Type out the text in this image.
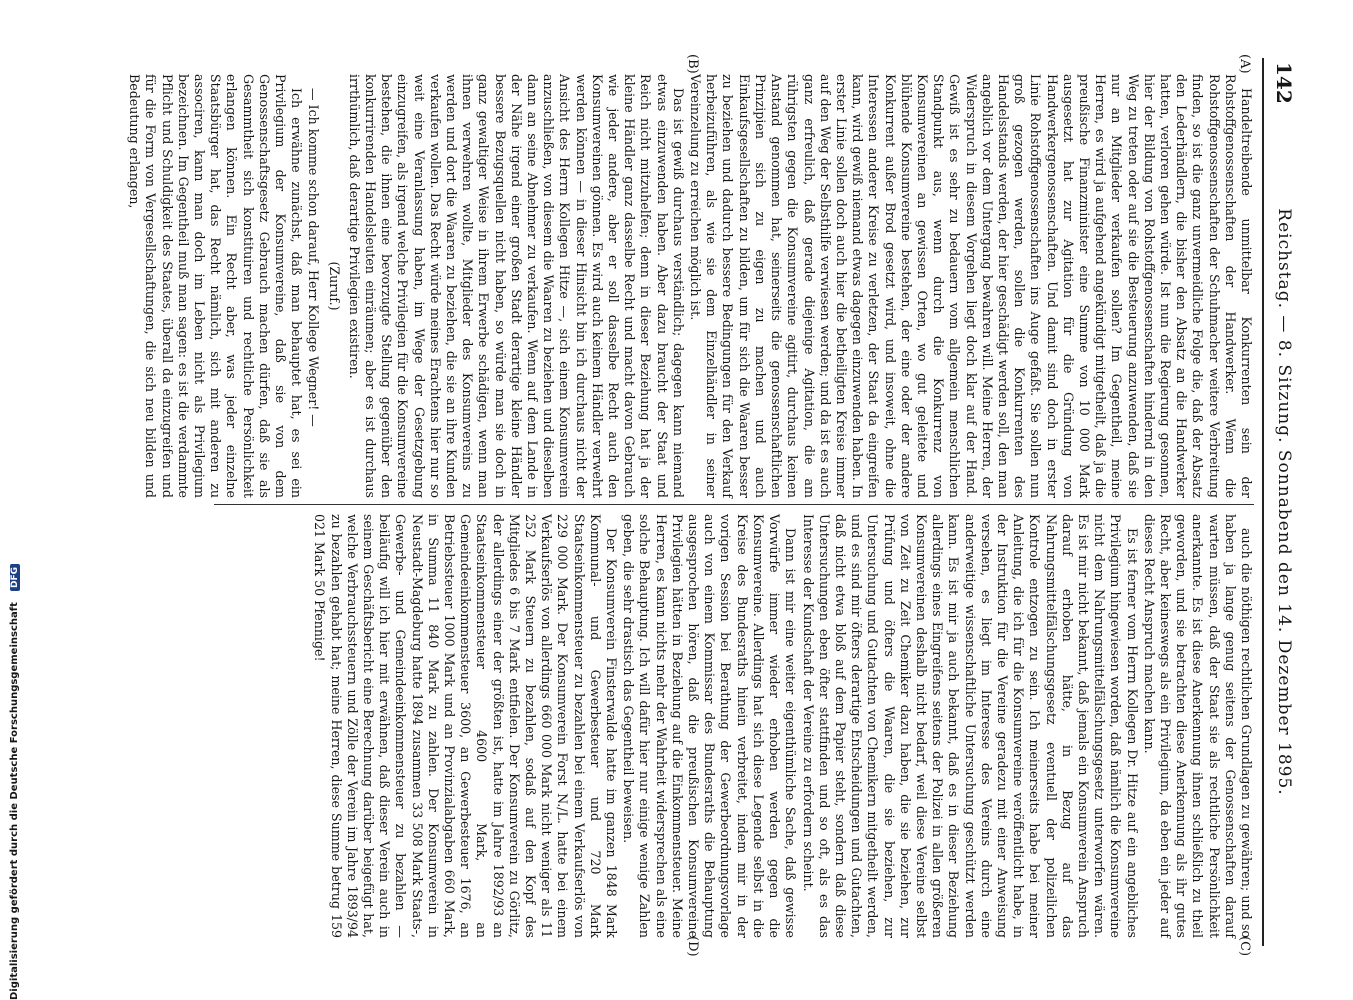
142
Reichstag. — 8. Sitzung. Sonnabend den 14. Dezember 1895.
(A)
(B)
(C)
(D)

Handeltreibende unmittelbar Konkurrenten sein der Rohstoffgenossenschaften der Handwerker. Wenn die Rohstoffgenossenschaften der Schuhmacher weitere Verbreitung finden, so ist die ganz unvermeidliche Folge die, daß der Absatz den Lederhändlern, die bisher den Absatz an die Handwerker hatten, verloren gehen würde. Ist nun die Regierung gesonnen, hier der Bildung von Rohstoffgenossenschaften hindernd in den Weg zu treten oder auf sie die Besteuerung anzuwenden, daß sie nur an Mitglieder verkaufen sollen? Im Gegentheil, meine Herren, es wird ja aufgehend angekündigt mitgetheilt, daß ja die preußische Finanzminister eine Summe von 10 000 Mark ausgesetzt hat zur Agitation für die Gründung von Handwerkergenossenschaften. Und damit sind doch in erster Linie Rohstoffgenossenschaften ins Auge gefaßt. Sie sollen nun groß gezogen werden, sollen die Konkurrenten des Handelsstands werden, der hier geschädigt werden soll, den man angeblich vor dem Untergang bewahren will. Meine Herren, der Widerspruch in diesem Vorgehen liegt doch klar auf der Hand. Gewiß ist es sehr zu bedauern vom allgemein menschlichen Standpunkt aus, wenn durch die Konkurrenz von Konsumvereinen an gewissen Orten, wo gut geleitete und blühende Konsumvereine bestehen, der eine oder der andere Konkurrent außer Brod gesetzt wird, und insoweit, ohne die Interessen anderer Kreise zu verletzen, der Staat da eingreifen kann, wird gewiß niemand etwas dagegen einzuwenden haben. In erster Linie sollen doch auch hier die betheiligten Kreise immer auf den Weg der Selbsthilfe verwiesen werden; und da ist es auch ganz erfreulich, daß gerade diejenige Agitation, die am rührigsten gegen die Konsumvereine agitirt, durchaus keinen Anstand genommen hat, seinerseits die genossenschaftlichen Prinzipien sich zu eigen zu machen und auch Einkaufsgesellschaften zu bilden, um für sich die Waaren besser zu beziehen und dadurch bessere Bedingungen für den Verkauf herbeizuführen, als wie sie dem Einzelhändler in seiner Vereinzelung zu erreichen möglich ist.

Das ist gewiß durchaus verständlich; dagegen kann niemand etwas einzuwenden haben. Aber dazu braucht der Staat und Reich nicht mitzuhelfen; denn in dieser Beziehung hat ja der kleine Händler ganz dasselbe Recht und macht davon Gebrauch wie jeder andere, aber er soll dasselbe Recht auch den Konsumvereinen gönnen. Es wird auch keinem Händler verwehrt werden können — in dieser Hinsicht bin ich durchaus nicht der Ansicht des Herrn Kollegen Hitze —, sich einem Konsumverein anzuschließen, von diesem die Waaren zu beziehen und dieselben dann an seine Abnehmer zu verkaufen. Wenn auf dem Lande in der Nähe irgend einer großen Stadt derartige kleine Händler bessere Bezugsquellen nicht haben, so würde man sie doch in ganz gewaltiger Weise in ihrem Erwerbe schädigen, wenn man ihnen verwehren wollte, Mitglieder des Konsumvereins zu werden und dort die Waaren zu beziehen, die sie an ihre Kunden verkaufen wollen. Das Recht würde meines Erachtens hier nur so weit eine Veranlassung haben, im Wege der Gesetzgebung einzugreifen, als irgend welche Privilegien für die Konsumvereine bestehen, die ihnen eine bevorzugte Stellung gegenüber den konkurrirenden Handelsleuten einräumen; aber es ist durchaus irrthümlich, daß derartige Privilegien existiren.

(Zuruf.)

— Ich komme schon darauf, Herr Kollege Wegner! —

Ich erwähne zunächst, daß man behauptet hat, es sei ein Privilegium der Konsumvereine, daß sie von dem Genossenschaftsgesetz Gebrauch machen dürfen, daß sie als Gesammtheit sich konstituiren und rechtliche Persönlichkeit erlangen können. Ein Recht aber, was jeder einzelne Staatsbürger hat, das Recht nämlich, sich mit anderen zu associren, kann man doch im Leben nicht als Privilegium bezeichnen. Im Gegentheil muß man sagen: es ist die verdammte Pflicht und Schuldigkeit des Staates, überall da einzugreifen und für die Form von Vergesellschaftungen, die sich neu bilden und Bedeutung erlangen,

auch die nöthigen rechtlichen Grundlagen zu gewähren; und so haben ja lange genug seitens der Genossenschaften darauf warten müssen, daß der Staat sie als rechtliche Persönlichkeit anerkannte. Es ist diese Anerkennung ihnen schließlich zu theil geworden, und sie betrachten diese Anerkennung als ihr gutes Recht, aber keineswegs als ein Privilegium, da eben ein jeder auf dieses Recht Anspruch machen kann.

Es ist ferner vom Herrn Kollegen Dr. Hitze auf ein angebliches Privilegium hingewiesen worden, daß nämlich die Konsumvereine nicht dem Nahrungsmittelfälschungsgesetz unterworfen wären. Es ist mir nicht bekannt, daß jemals ein Konsumverein Anspruch darauf erhoben hätte, in Bezug auf das Nahrungsmittelfälschungsgesetz eventuell der polizeilichen Kontrole entzogen zu sein. Ich meinerseits habe bei meiner Anleitung, die ich für die Konsumvereine veröffentlicht habe, in der Instruktion für die Vereine geradezu mit einer Anweisung versehen, es liegt im Interesse des Vereins durch eine anderweitige wissenschaftliche Untersuchung geschützt werden kann. Es ist mir ja auch bekannt, daß es in dieser Beziehung allerdings eines Eingreifens seitens der Polizei in allen größeren Konsumvereinen deshalb nicht bedarf, weil diese Vereine selbst von Zeit zu Zeit Chemiker dazu haben, die sie beziehen, zur Prüfung und öfters die Waaren, die sie beziehen, zur Untersuchung und Gutachten von Chemikern mitgetheilt werden, und es sind mir öfters derartige Entscheidungen und Gutachten, daß nicht etwa bloß auf dem Papier steht, sondern daß diese Untersuchungen eben öfter stattfinden und so oft, als es das Interesse der Kundschaft der Vereine zu erfordern scheint.

Dann ist mir eine weiter eigenthümliche Sache, daß gewisse Vorwürfe immer wieder erhoben werden gegen die Konsumvereine. Allerdings hat sich diese Legende selbst in die Kreise des Bundesraths hinein verbreitet, indem mir in der vorigen Session bei Berathung der Gewerbeordnungsvorlage auch von einem Kommissar des Bundesraths die Behauptung ausgesprochen hören, daß die preußischen Konsumvereine Privilegien hätten in Beziehung auf die Einkommensteuer. Meine Herren, es kann nichts mehr der Wahrheit widersprechen als eine solche Behauptung. Ich will dafür hier nur einige wenige Zahlen geben, die sehr drastisch das Gegentheil beweisen.

Der Konsumverein Finsterwalde hatte im ganzen 1848 Mark Kommunal- und Gewerbesteuer und 720 Mark Staatseinkommensteuer zu bezahlen bei einem Verkaufserlös von 229 000 Mark. Der Konsumverein Forst N./L. hatte bei einem Verkaufserlös von allerdings 660 000 Mark nicht weniger als 11 252 Mark Steuern zu bezahlen, sodaß auf den Kopf des Mitgliedes 6 bis 7 Mark entfielen. Der Konsumverein zu Görlitz, der allerdings einer der größten ist, hatte im Jahre 1892/93 an Staatseinkommensteuer 4600 Mark, an Gemeindeeinkommensteuer 3600, an Gewerbesteuer 1676, an Betriebssteuer 1000 Mark und an Provinzialabgaben 660 Mark, in Summa 11 840 Mark zu zahlen. Der Konsumverein in Neustadt-Magdeburg hatte 1894 zusammen 33 508 Mark Staats-, Gewerbe- und Gemeindeeinkommensteuer zu bezahlen — beiläufig will ich hier mit erwähnen, daß dieser Verein auch in seinem Geschäftsbericht eine Berechnung darüber beigefügt hat, welche Verbrauchssteuern und Zölle der Verein im Jahre 1893/94 zu bezahlen gehabt hat; meine Herren, diese Summe betrug 159 021 Mark 50 Pfennige!

Digitalisierung gefördert durch die Deutsche Forschungsgemeinschaft DFG
